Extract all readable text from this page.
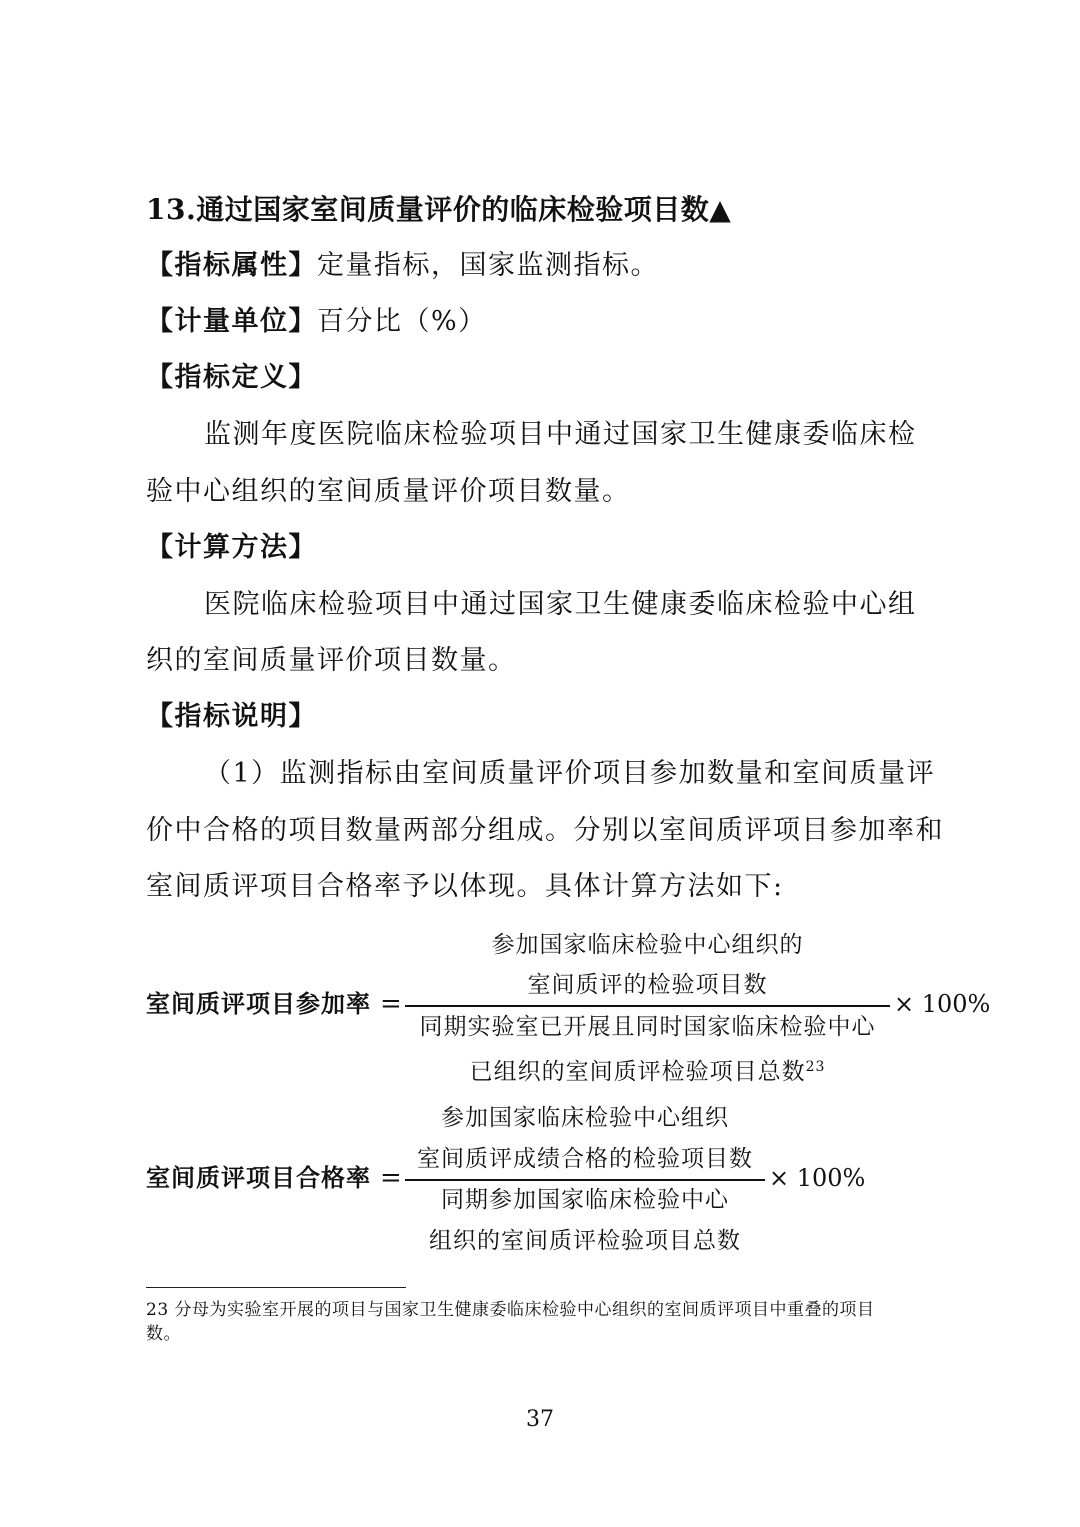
13.通过国家室间质量评价的临床检验项目数▲
【指标属性】定量指标，国家监测指标。
【计量单位】百分比（%）
【指标定义】
监测年度医院临床检验项目中通过国家卫生健康委临床检
验中心组织的室间质量评价项目数量。
【计算方法】
医院临床检验项目中通过国家卫生健康委临床检验中心组
织的室间质量评价项目数量。
【指标说明】
（1）监测指标由室间质量评价项目参加数量和室间质量评
价中合格的项目数量两部分组成。分别以室间质评项目参加率和
室间质评项目合格率予以体现。具体计算方法如下:
室间质评项目参加率 =
参加国家临床检验中心组织的
室间质评的检验项目数
同期实验室已开展且同时国家临床检验中心
已组织的室间质评检验项目总数$^{23}$
× 100%
室间质评项目合格率 =
参加国家临床检验中心组织
室间质评成绩合格的检验项目数
同期参加国家临床检验中心
组织的室间质评检验项目总数
× 100%
23 分母为实验室开展的项目与国家卫生健康委临床检验中心组织的室间质评项目中重叠的项目
数。
37
